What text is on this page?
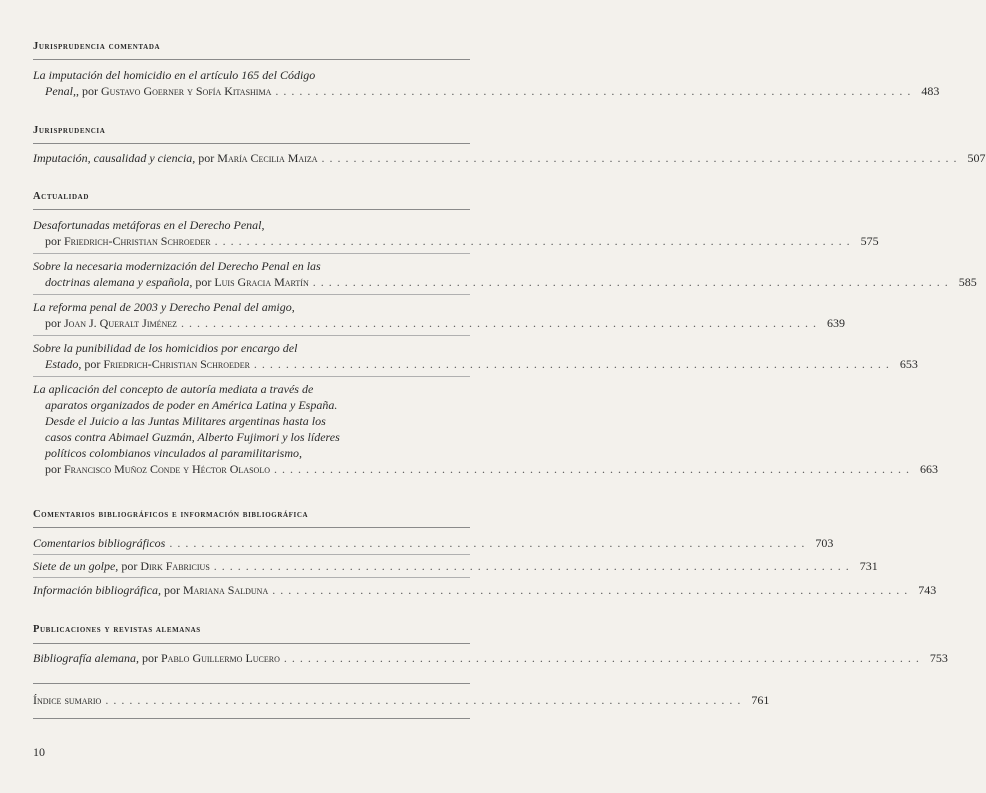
Jurisprudencia comentada
La imputación del homicidio en el artículo 165 del Código
Penal,, por Gustavo Goerner y Sofía Kitashima . . . . . . . . . . . . . . . . . . . . . . . . . . . . . . . . . . . . . . . . . . . . . . . . . . . . . . . . . . . . . . . . . . . . . . . . . . . . . . . . 483
Jurisprudencia
Imputación, causalidad y ciencia, por María Cecilia Maiza . . . . . . . . . . . . . . . . . . . . . . . . . . . . . . . . . . . . . . . . . . . . . . . . . . . . . . . . . . . . . . . . . . . . . . . . . . . . . . . . 507
Actualidad
Desafortunadas metáforas en el Derecho Penal,
por Friedrich-Christian Schroeder . . . . . . . . . . . . . . . . . . . . . . . . . . . . . . . . . . . . . . . . . . . . . . . . . . . . . . . . . . . . . . . . . . . . . . . . . . . . . . . . 575
Sobre la necesaria modernización del Derecho Penal en las
doctrinas alemana y española, por Luis Gracia Martín . . . . . . . . . . . . . . . . . . . . . . . . . . . . . . . . . . . . . . . . . . . . . . . . . . . . . . . . . . . . . . . . . . . . . . . . . . . . . . . . 585
La reforma penal de 2003 y Derecho Penal del amigo,
por Joan J. Queralt Jiménez . . . . . . . . . . . . . . . . . . . . . . . . . . . . . . . . . . . . . . . . . . . . . . . . . . . . . . . . . . . . . . . . . . . . . . . . . . . . . . . . 639
Sobre la punibilidad de los homicidios por encargo del
Estado, por Friedrich-Christian Schroeder . . . . . . . . . . . . . . . . . . . . . . . . . . . . . . . . . . . . . . . . . . . . . . . . . . . . . . . . . . . . . . . . . . . . . . . . . . . . . . . . 653
La aplicación del concepto de autoría mediata a través de
aparatos organizados de poder en América Latina y España.
Desde el Juicio a las Juntas Militares argentinas hasta los
casos contra Abimael Guzmán, Alberto Fujimori y los líderes
políticos colombianos vinculados al paramilitarismo,
por Francisco Muñoz Conde y Héctor Olasolo . . . . . . . . . . . . . . . . . . . . . . . . . . . . . . . . . . . . . . . . . . . . . . . . . . . . . . . . . . . . . . . . . . . . . . . . . . . . . . . . 663
Comentarios bibliográficos e información bibliográfica
Comentarios bibliográficos . . . . . . . . . . . . . . . . . . . . . . . . . . . . . . . . . . . . . . . . . . . . . . . . . . . . . . . . . . . . . . . . . . . . . . . . . . . . . . . . 703
Siete de un golpe, por Dirk Fabricius . . . . . . . . . . . . . . . . . . . . . . . . . . . . . . . . . . . . . . . . . . . . . . . . . . . . . . . . . . . . . . . . . . . . . . . . . . . . . . . . 731
Información bibliográfica, por Mariana Salduna . . . . . . . . . . . . . . . . . . . . . . . . . . . . . . . . . . . . . . . . . . . . . . . . . . . . . . . . . . . . . . . . . . . . . . . . . . . . . . . . 743
Publicaciones y revistas alemanas
Bibliografía alemana, por Pablo Guillermo Lucero . . . . . . . . . . . . . . . . . . . . . . . . . . . . . . . . . . . . . . . . . . . . . . . . . . . . . . . . . . . . . . . . . . . . . . . . . . . . . . . . 753
Índice sumario . . . . . . . . . . . . . . . . . . . . . . . . . . . . . . . . . . . . . . . . . . . . . . . . . . . . . . . . . . . . . . . . . . . . . . . . . . . . . . . . 761
10
